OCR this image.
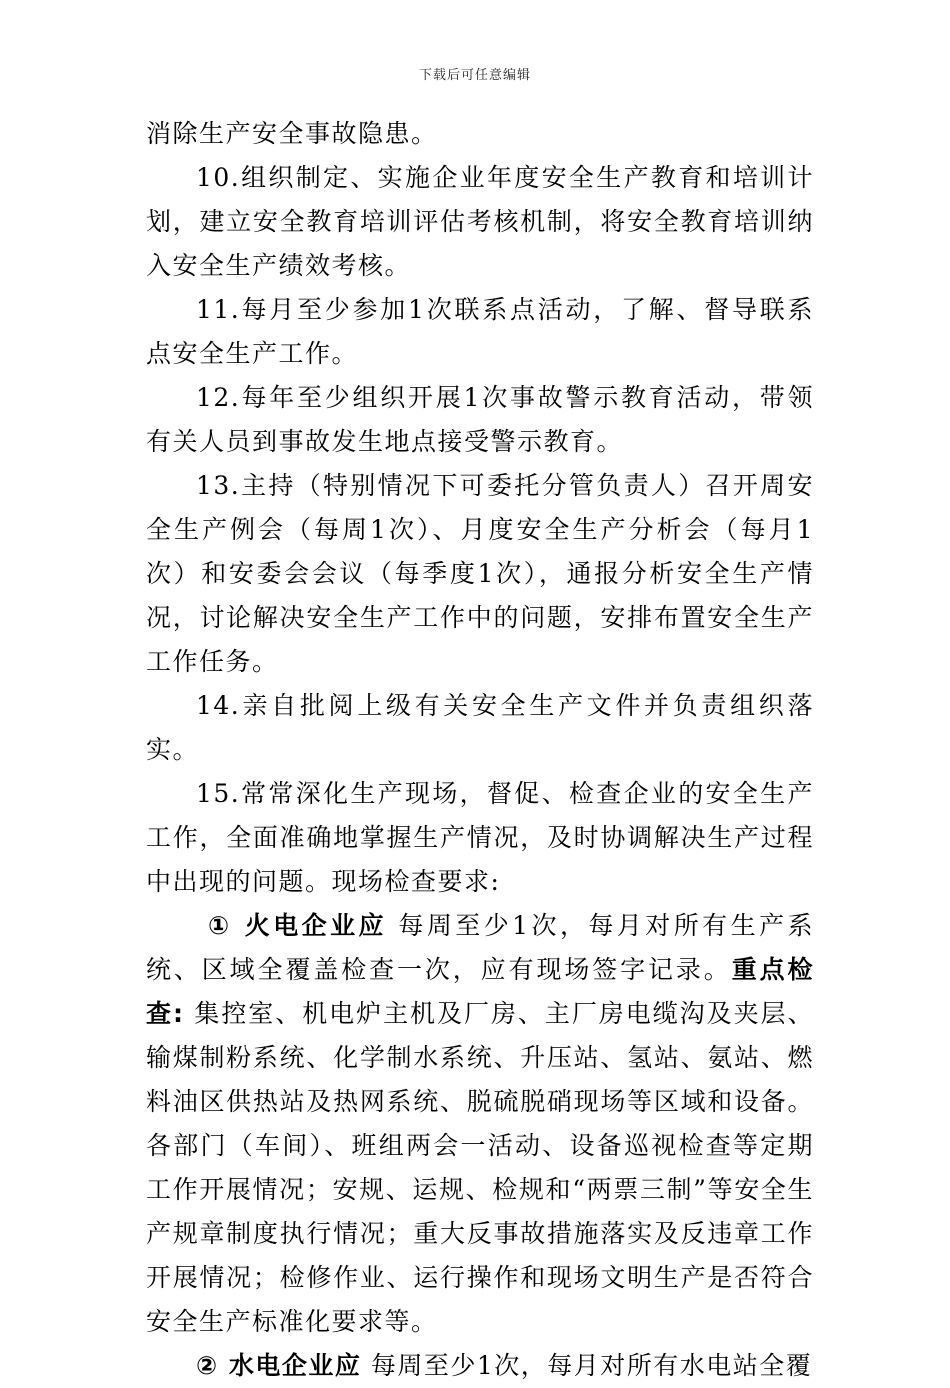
下载后可任意编辑

消除生产安全事故隐患。

10.组织制定、实施企业年度安全生产教育和培训计划，建立安全教育培训评估考核机制，将安全教育培训纳入安全生产绩效考核。

11.每月至少参加1次联系点活动，了解、督导联系点安全生产工作。

12.每年至少组织开展1次事故警示教育活动，带领有关人员到事故发生地点接受警示教育。

13.主持（特别情况下可委托分管负责人）召开周安全生产例会（每周1次）、月度安全生产分析会（每月1次）和安委会会议（每季度1次），通报分析安全生产情况，讨论解决安全生产工作中的问题，安排布置安全生产工作任务。

14.亲自批阅上级有关安全生产文件并负责组织落实。

15.常常深化生产现场，督促、检查企业的安全生产工作，全面准确地掌握生产情况，及时协调解决生产过程中出现的问题。现场检查要求:

① 火电企业应 每周至少1次，每月对所有生产系统、区域全覆盖检查一次，应有现场签字记录。重点检查: 集控室、机电炉主机及厂房、主厂房电缆沟及夹层、输煤制粉系统、化学制水系统、升压站、氢站、氨站、燃料油区供热站及热网系统、脱硫脱硝现场等区域和设备。各部门（车间）、班组两会一活动、设备巡视检查等定期工作开展情况；安规、运规、检规和“两票三制”等安全生产规章制度执行情况；重大反事故措施落实及反违章工作开展情况；检修作业、运行操作和现场文明生产是否符合安全生产标准化要求等。

② 水电企业应 每周至少1次，每月对所有水电站全覆
